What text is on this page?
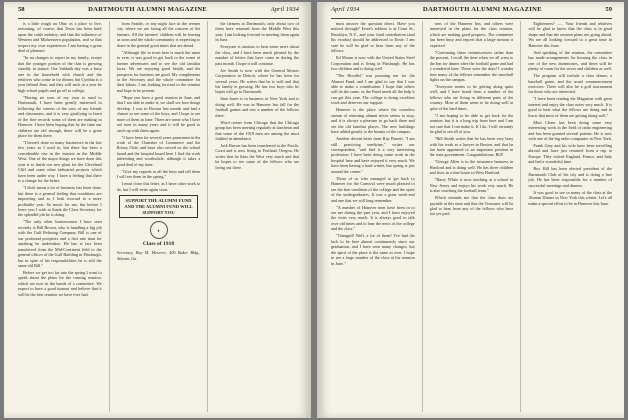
58	DARTMOUTH ALUMNI MAGAZINE	April 1934

is a little rough on Ohio as a place to live, reasoning, of course, that Texas has been built upon the cattle industry, and that the influence of Western and Midwestern population, and so that respect my own experiences I am having a great deal of pleasure.

"In no changes to report in my family, except that the younger portion of the clan is growing steadily in stature. Our Sabbath day was a busy one in the household with church and the relatives who come in for dinner, but Cynthia is a year behind Jean, and they will each in a year be high school pupils and go off to college.

"Having no sons of my own to send to Dartmouth, I have been greatly interested in following the careers of the sons of my friends and classmates, and it is very gratifying to learn of the fine records some of them are making in Hanover. I have been hoping that by the time our children are old enough, there will be a great place for them there.

"I haven't done so many businesses in the last few years as I used to, but there has been a considerable rise in the interest in the Middle West. One of the major things we have done this year is to finish our new plant for the Cleveland Cliff and some other industrial projects which have been under way. I have a feeling that there is a change for the better.

"I don't mean a lot of business has been done, but there is a general feeling that conditions are improving and so I look forward to a more profitable year. So much for me, but before I leave you I wish to thank the Class Secretary for the splendid job he is doing.

"The only other businessmen I have seen recently is Bill Brown, who is handling a big job with the Gulf Refining Company. Bill is one of our profound prospects and a first rate man for anything he undertakes. He has at last been transferred from the Mid-Continent field to the general offices of the Gulf Building in Pittsburgh, but in spite of his responsibilities he is still the same old Bill."

Before we get too far into the spring I want to speak about the plans for the coming reunion, which are now in the hands of a committee. We expect to have a good turnout and believe that it will be the best reunion we have ever had.

from Seattle, or any night face in the reenter city, where we are losing all the concern of the farmers. All the farmers' children will be leaving us soon and the whole community is expecting to share in the general good times that are ahead.

"Although life in town here is much the same as ever, it was good to get back to the scene of former adventures and to see the old familiar faces. We are enjoying good health, and the prospects for business are good. My compliments to the Secretary and the whole committee for their labors. I am looking forward to the reunion and hope to be present.

"Hope you have a good reunion in June, and that I am able to make it; we shall see how things develop. I was in Boston last month and had a chance to see some of the boys, and I hope to see more of them in June. There are some who I have not seen in many years and it will be good to catch up with them again.

"I have been for several years prominent in the work of the Chamber of Commerce and the Rotary Club, and have also served on the school board and the hospital board here. I find the work interesting and worthwhile, although it takes a good deal of my time.

"Give my regards to all the boys and tell them I will see them in the spring."

I must close this letter, as I have other work to do, but I will write again soon.

SUPPORT THE ALUMNI FUND AND THE ALUMNI FUND WILL SUPPORT YOU
♦
Class of 1918

Secretary, Ray M. Meserve, 406 Baker Bldg., Atlanta, Ga.

the farmers at Dartmouth, only about two of them have returned from the Middle West this year. I am looking forward to meeting them again in June.

Everyone is anxious to hear some news about the class, and I have been much pleased by the number of letters that have come in during the past month. I hope it will continue.

Joe Smith is now with the General Motors Corporation in Detroit, where he has been for several years. He writes that he is well and that his family is growing. He has two boys who he hopes will go to Dartmouth.

Sam Jones is in business in New York and is doing well. He was in Hanover last fall for the football games and saw a number of the fellows there.

Word comes from Chicago that the Chicago group has been meeting regularly at luncheon and that some of the 1918 men are among the most faithful in attendance.

Jack Brown has been transferred to the Pacific Coast and is now living in Portland, Oregon. He writes that he likes the West very much and that he hopes to see some of the fellows who are living out there.

April 1934	DARTMOUTH ALUMNI MAGAZINE	59

must answer the question direct. Have you noticed through? Ernie's address is at Court St., Brooklyn, N.Y., and your fund contribution (and his exodus) should be addressed to Ernie. I am sure he will be glad to hear from any of the fellows.

Ed Moran is now with the United States Steel Corporation and is living in Pittsburgh. He has two children and is doing well.

"The Hoodlet" was pursuing me for the Alumni Fund, and I am glad to say that I was able to make a contribution. I hope that others will do the same, as the Fund needs all the help it can get this year. The college is doing excellent work and deserves our support.

Hanover is the place where the ceaseless stream of returning alumni never seems to stop, and it is always a pleasure to go back there and see the old familiar places. The new buildings have added greatly to the beauty of the campus.

Another decent letter from Ray Barrett. "I am still practicing medicine," writes our correspondent, "and find it a very interesting profession. I have been doing some work in the hospital here and have enjoyed it very much. We have been having a hard winter, but spring is just around the corner."

Those of us who managed to get back to Hanover for the Carnival were much pleased to see the fine condition of the college and the spirit of the undergraduates. It was a great week-end and one that we will long remember.

"A number of Hanover men have been in to see me during the past year, and I have enjoyed the visits very much. It is always good to talk over old times and to hear the news of the college and the class."

"Changed! Well, a lot of them! I've had the luck to be here almost continuously since our graduation, and I have seen many changes, but the spirit of the place is the same as ever. I hope to see a large number of the class at the reunion in June."

ness of the Hanover Inn, and others were interested in the plans for the class reunion, which are making good progress. The committee has been busy and reports that a large turnout is expected.

"Continuing these reminiscences rather than the present, I recall the time when we all went to the Inn for dinner after the football game and had a wonderful time. Those were the days! I wonder how many of the fellows remember the snowball fights on the campus.

"Everyone seems to be getting along quite well, and I have heard from a number of the fellows who are living in different parts of the country. Most of them seem to be doing well in spite of the hard times.

"I am hoping to be able to get back for the reunion, but it is a long trip from here and I am not sure that I can make it. If I do, I will certainly be glad to see all of you.

"Bill Smith writes that he has been very busy with his work as a lawyer in Boston, and that he has been appointed to an important position in the state government. Congratulations, Bill!

"George Allen is in the insurance business in Hartford and is doing well. He has three children and lives in a fine house in West Hartford.

"Harry White is now teaching at a school in New Jersey and enjoys his work very much. He is also coaching the football team."

Which reminds me that the class dues are payable at this time and that the Treasurer will be glad to hear from any of the fellows who have not yet paid.

Eighteeners? ...... Your friends and relatives will be glad to know that the class is in good shape and that the reunion plans are going ahead. We are all looking forward to a great time in Hanover this June.

And speaking of the reunion, the committee has made arrangements for housing the class in one of the new dormitories, and there will be plenty of room for the wives and children as well.

The program will include a class dinner, a baseball game, and the usual commencement exercises. There will also be a golf tournament for those who are interested.

"I have been reading the Magazine with great interest and enjoy the class notes very much. It is good to hear what the fellows are doing and to know that most of them are getting along well."

Mort Chase has been doing some very interesting work in the field of radio engineering and has been granted several patents. He is now with one of the big radio companies in New York.

Frank Gray and his wife have been travelling abroad and have just returned from a trip to Europe. They visited England, France, and Italy and had a wonderful time.

Roy Hill has been elected president of the Dartmouth Club of his city and is doing a fine job. He has been responsible for a number of successful meetings and dinners.

It was good to see so many of the class at the Alumni Dinner in New York this winter. Let's all make a special effort to be in Hanover this June.
